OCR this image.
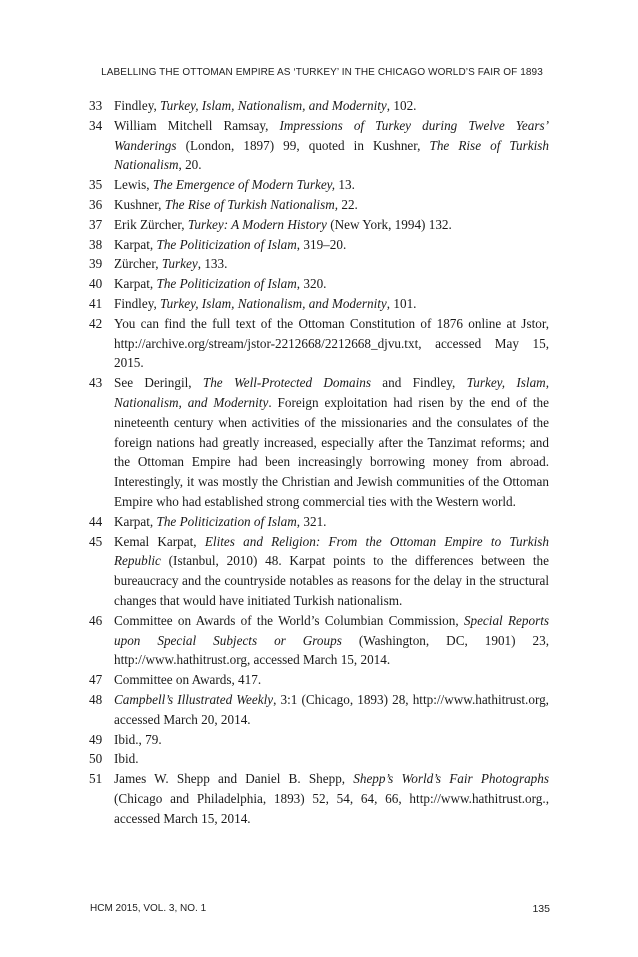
LABELLING THE OTTOMAN EMPIRE AS ‘TURKEY’ IN THE CHICAGO WORLD’S FAIR OF 1893
33 Findley, Turkey, Islam, Nationalism, and Modernity, 102.
34 William Mitchell Ramsay, Impressions of Turkey during Twelve Years’ Wanderings (London, 1897) 99, quoted in Kushner, The Rise of Turkish Nationalism, 20.
35 Lewis, The Emergence of Modern Turkey, 13.
36 Kushner, The Rise of Turkish Nationalism, 22.
37 Erik Zürcher, Turkey: A Modern History (New York, 1994) 132.
38 Karpat, The Politicization of Islam, 319–20.
39 Zürcher, Turkey, 133.
40 Karpat, The Politicization of Islam, 320.
41 Findley, Turkey, Islam, Nationalism, and Modernity, 101.
42 You can find the full text of the Ottoman Constitution of 1876 online at Jstor, http://archive.org/stream/jstor-2212668/2212668_djvu.txt, accessed May 15, 2015.
43 See Deringil, The Well-Protected Domains and Findley, Turkey, Islam, Nationalism, and Modernity. Foreign exploitation had risen by the end of the nineteenth century when activities of the missionaries and the consulates of the foreign nations had greatly increased, especially after the Tanzimat reforms; and the Ottoman Empire had been increasingly borrowing money from abroad. Interestingly, it was mostly the Christian and Jewish communities of the Ottoman Empire who had established strong commercial ties with the Western world.
44 Karpat, The Politicization of Islam, 321.
45 Kemal Karpat, Elites and Religion: From the Ottoman Empire to Turkish Republic (Istanbul, 2010) 48. Karpat points to the differences between the bureaucracy and the countryside notables as reasons for the delay in the structural changes that would have initiated Turkish nationalism.
46 Committee on Awards of the World’s Columbian Commission, Special Reports upon Special Subjects or Groups (Washington, DC, 1901) 23, http://www.hathitrust.org, accessed March 15, 2014.
47 Committee on Awards, 417.
48 Campbell’s Illustrated Weekly, 3:1 (Chicago, 1893) 28, http://www.hathitrust.org, accessed March 20, 2014.
49 Ibid., 79.
50 Ibid.
51 James W. Shepp and Daniel B. Shepp, Shepp’s World’s Fair Photographs (Chicago and Philadelphia, 1893) 52, 54, 64, 66, http://www.hathitrust.org., accessed March 15, 2014.
HCM 2015, VOL. 3, NO. 1	135
